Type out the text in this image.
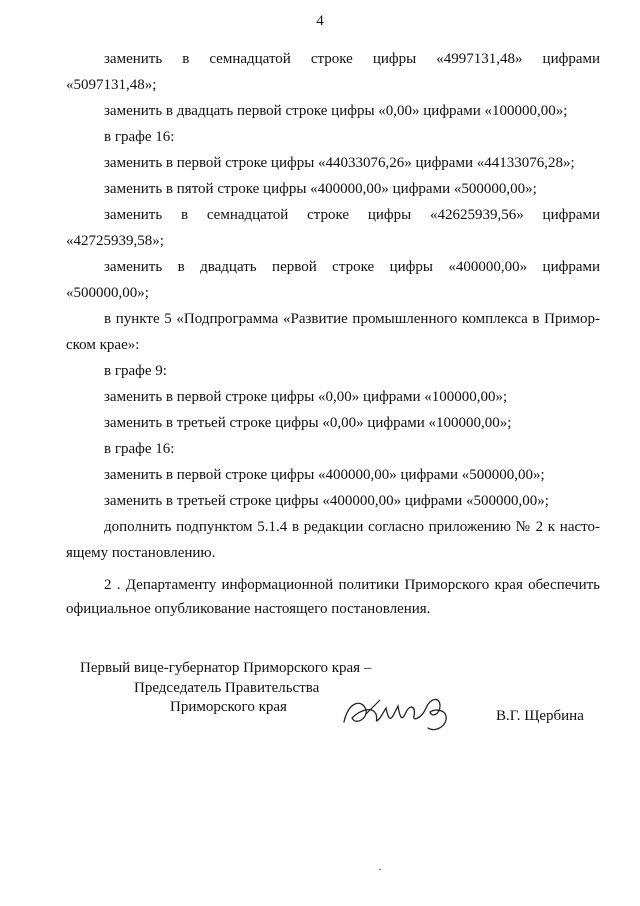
4
заменить в семнадцатой строке цифры «4997131,48» цифрами
«5097131,48»;
заменить в двадцать первой строке цифры «0,00» цифрами «100000,00»;
в графе 16:
заменить в первой строке цифры «44033076,26» цифрами «44133076,28»;
заменить в пятой строке цифры «400000,00» цифрами «500000,00»;
заменить в семнадцатой строке цифры «42625939,56» цифрами
«42725939,58»;
заменить в двадцать первой строке цифры «400000,00» цифрами
«500000,00»;
в пункте 5 «Подпрограмма «Развитие промышленного комплекса в Примор-
ском крае»:
в графе 9:
заменить в первой строке цифры «0,00» цифрами «100000,00»;
заменить в третьей строке цифры «0,00» цифрами «100000,00»;
в графе 16:
заменить в первой строке цифры «400000,00» цифрами «500000,00»;
заменить в третьей строке цифры «400000,00» цифрами «500000,00»;
дополнить подпунктом 5.1.4 в редакции согласно приложению № 2 к насто-
ящему постановлению.
2 . Департаменту информационной политики Приморского края обеспечить
официальное опубликование настоящего постановления.
Первый вице-губернатор Приморского края –
Председатель Правительства
Приморского края
В.Г. Щербина
·
